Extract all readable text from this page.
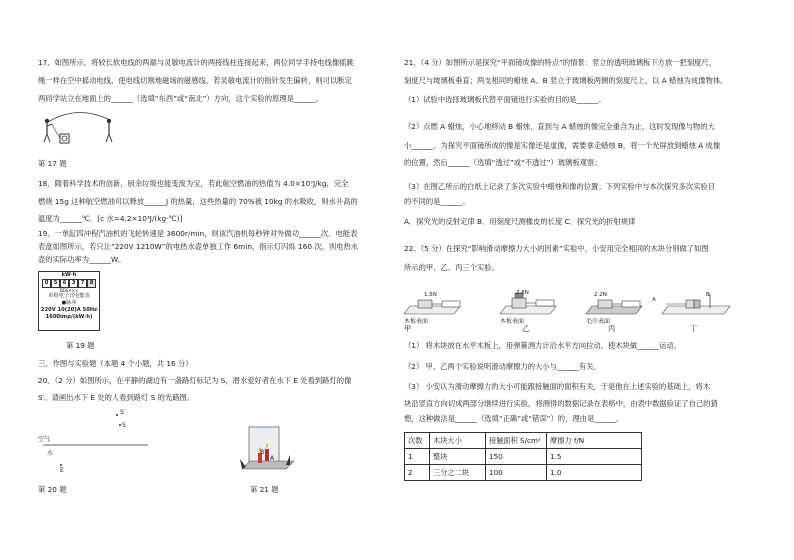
17、如图所示，将较长软电线的两端与灵敏电流计的两接线柱连接起来，两位同学手持电线像摇跳
绳一样在空中摇动电线，使电线切割地磁场的磁感线。若灵敏电流计的指针发生偏转，则可以断定
两同学站立在地面上的______（选填“东西”或“南北”）方向，这个实验的原理是______。
第 17 题
18、随着科学技术的创新，厨余垃圾也能变废为宝，若此航空燃油的热值为 4.0×10⁷J/kg，完全
燃烧 15g 这种航空燃油可以释放______J 的热量，这些热量的 70%被 10kg 的水吸收，则水升高的
温度为______℃．[c 水=4.2×10³J/(kg·℃)]
19、一单缸四冲程汽油机的飞轮转速是 3600r/min，则该汽油机每秒钟对外做功______次。电能表
表盘如图所示，若只让“220V 1210W”的电热水壶单独工作 6min，指示灯闪烁 160 次，则电热水
壶的实际功率为______W。
kW·h
0	5	6	3	7	8
DDS×××
单相电子式电能表
●脉冲
220V 10(20)A 50Hz
1600imp/(kW·h)
第 19 题
三、作图与实验题（本题 4 个小题，共 16 分）
20、（2 分）如图所示，在平静的湖边有一盏路灯标记为 S，潜水爱好者在水下 E 处看到路灯的像
S′。请画出水下 E 处的人看到路灯 S 的光路图。
S′
S
空气
水
E
第 20 题
B
A
第 21 题
21、（4 分）如图所示是探究“平面镜成像的特点”的情景：竖立的透明玻璃板下方放一把刻度尺，
刻度尺与玻璃板垂直；两支相同的蜡烛 A、B 竖立于玻璃板两侧的刻度尺上，以 A 蜡烛为成像物体。
（1）试验中选择玻璃板代替平面镜进行实验的目的是______。
（2）点燃 A 蜡烛，小心地移动 B 蜡烛，直到与 A 蜡烛的像完全重合为止，这时发现像与物的大
小______。为探究平面镜所成的像是实像还是虚像，需要拿走蜡烛 B，将一个光屏放到蜡烛 A 成像
的位置，然后______（选填“透过”或“不透过”）玻璃板观察；
（3）在图乙所示的白纸上记录了多次实验中蜡烛和像的位置；下列实验中与本次探究多次实验目
的不同的是______。
A．探究光的反射定律 B．用刻度尺测橡皮的长度 C．探究光的折射规律
22、（5 分）在探究“影响滑动摩擦力大小的因素”实验中，小安用完全相同的木块分别做了如图
所示的甲、乙、丙三个实验。
1.5N	2.8N	2.2N
A
B
木板表面	木板表面	毛巾表面
甲	乙	丙	丁
（1） 将木块放在水平木板上，用弹簧测力计沿水平方向拉动，使木块做______运动。
（2） 甲、乙两个实验说明滑动摩擦力的大小与______有关。
（3） 小安认为滑动摩擦力的大小可能跟接触面的面积有关，于是他在上述实验的基础上，将木
块沿竖直方向切成两部分继续进行实验，将测得的数据记录在表格中，由表中数据验证了自己的猜
想，这种做法是______（选填“正确”或“错误”）的，理由是______。
次数	木块大小	接触面积 S/cm²	摩擦力 f/N
1	整块	150	1.5
2	三分之二块	100	1.0
